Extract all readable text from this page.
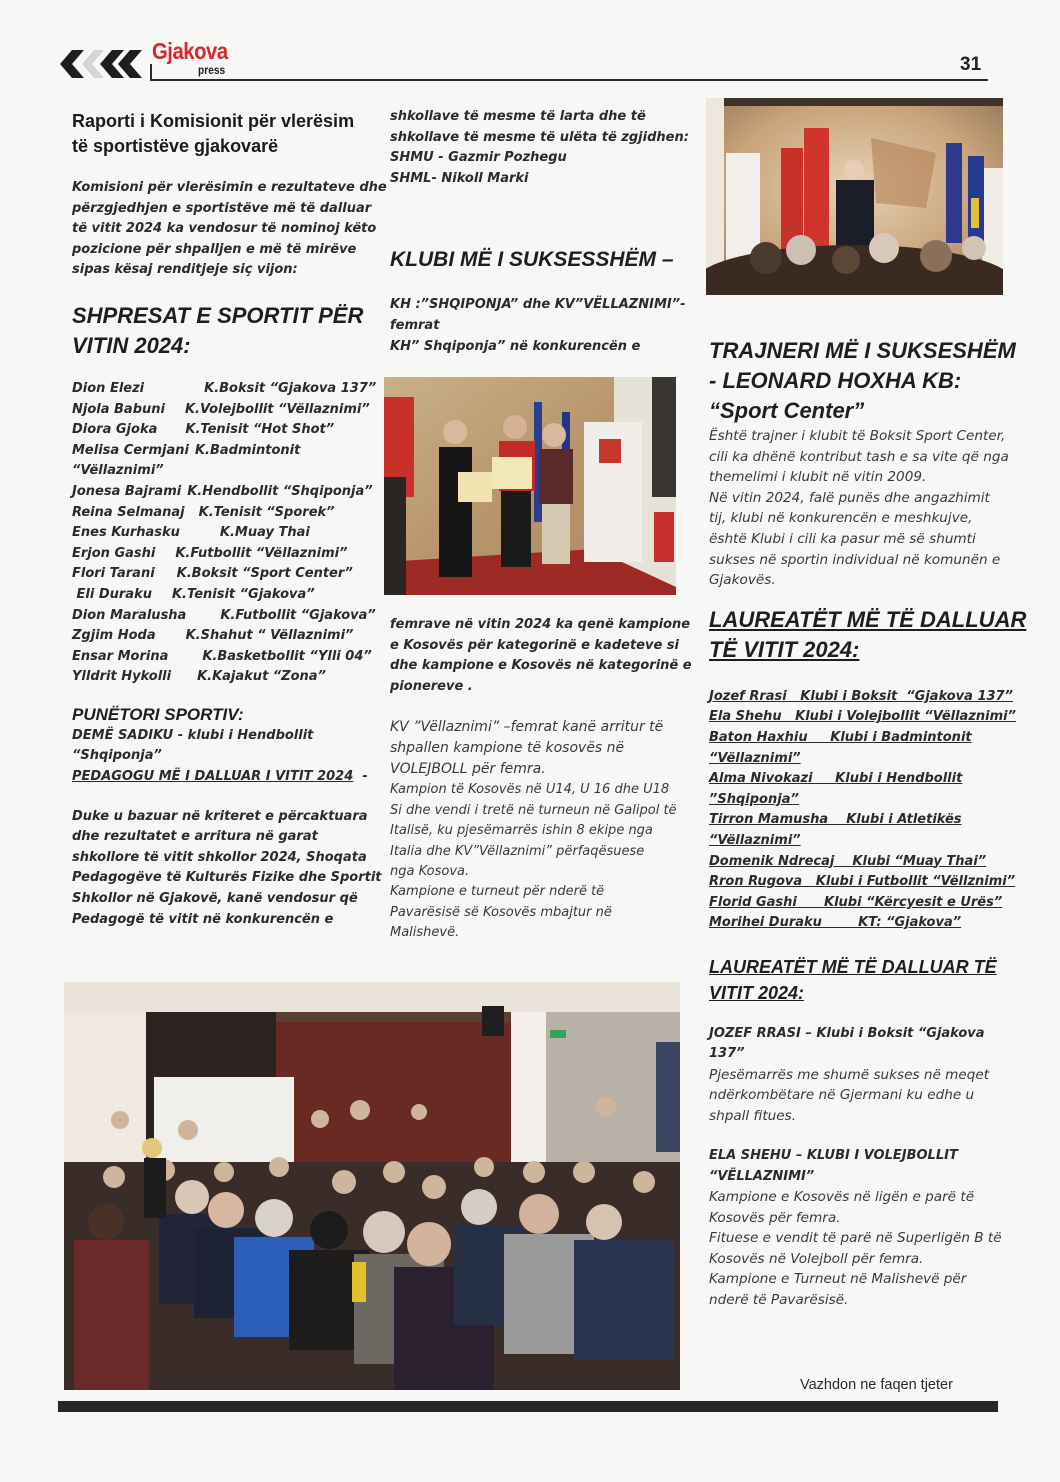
Gjakova
press	31
Raporti i Komisionit për vlerësim
të sportistëve gjakovarë
Komisioni për vlerësimin e rezultateve dhe
përzgjedhjen e sportistëve më të dalluar
të vitit 2024 ka vendosur të nominoj këto
pozicione për shpalljen e më të mirëve
sipas kësaj renditjeje siç vijon:
SHPRESAT E SPORTIT PËR
VITIN 2024:
Dion Elezi	K.Boksit “Gjakova 137”
Njola Babuni K.Volejbollit “Vëllaznimi”
Diora Gjoka K.Tenisit “Hot Shot”
Melisa Cermjani K.Badmintonit
“Vëllaznimi”
Jonesa Bajrami K.Hendbollit “Shqiponja”
Reina Selmanaj K.Tenisit “Sporek”
Enes Kurhasku	K.Muay Thai
Erjon Gashi K.Futbollit “Vëllaznimi”
Flori Tarani K.Boksit “Sport Center”
Eli Duraku K.Tenisit “Gjakova”
Dion Maralusha	K.Futbollit “Gjakova”
Zgjim Hoda K.Shahut “ Vëllaznimi”
Ensar Morina	K.Basketbollit “Ylli 04”
Ylldrit Hykolli K.Kajakut “Zona”
PUNËTORI SPORTIV:
DEMË SADIKU - klubi i Hendbollit
“Shqiponja”
PEDAGOGU MË I DALLUAR I VITIT 2024  -
Duke u bazuar në kriteret e përcaktuara
dhe rezultatet e arritura në garat
shkollore të vitit shkollor 2024, Shoqata
Pedagogëve të Kulturës Fizike dhe Sportit
Shkollor në Gjakovë, kanë vendosur që
Pedagogë të vitit në konkurencën e
shkollave të mesme të larta dhe të
shkollave të mesme të ulëta të zgjidhen:
SHMU - Gazmir Pozhegu
SHML- Nikoll Marki
KLUBI MË I SUKSESSHËM –
KH :”SHQIPONJA” dhe KV”VËLLAZNIMI”-
femrat
KH” Shqiponja” në konkurencën e
femrave në vitin 2024 ka qenë kampione
e Kosovës për kategorinë e kadeteve si
dhe kampione e Kosovës në kategorinë e
pionereve .
KV ”Vëllaznimi” –femrat kanë arritur të
shpallen kampione të kosovës në
VOLEJBOLL për femra.
Kampion të Kosovës në U14, U 16 dhe U18
Si dhe vendi i tretë në turneun në Galipol të
Italisë, ku pjesëmarrës ishin 8 ekipe nga
Italia dhe KV”Vëllaznimi” përfaqësuese
nga Kosova.
Kampione e turneut për nderë të
Pavarësisë së Kosovës mbajtur në
Malishevë.
TRAJNERI MË I SUKSESHËM
- LEONARD HOXHA KB:
“Sport Center”
Është trajner i klubit të Boksit Sport Center,
cili ka dhënë kontribut tash e sa vite që nga
themelimi i klubit në vitin 2009.
Në vitin 2024, falë punës dhe angazhimit
tij, klubi në konkurencën e meshkujve,
është Klubi i cili ka pasur më së shumti
sukses në sportin individual në komunën e
Gjakovës.
LAUREATËT MË TË DALLUAR
TË VITIT 2024:
Jozef Rrasi   Klubi i Boksit  “Gjakova 137”
Ela Shehu   Klubi i Volejbollit “Vëllaznimi”
Baton Haxhiu     Klubi i Badmintonit
“Vëllaznimi”
Alma Nivokazi     Klubi i Hendbollit
”Shqiponja”
Tirron Mamusha    Klubi i Atletikës
“Vëllaznimi”
Domenik Ndrecaj    Klubi “Muay Thai”
Rron Rugova   Klubi i Futbollit “Vëllznimi”
Florid Gashi      Klubi “Kërcyesit e Urës”
Morihei Duraku        KT: “Gjakova”
LAUREATËT MË TË DALLUAR TË
VITIT 2024:
JOZEF RRASI – Klubi i Boksit “Gjakova
137”
Pjesëmarrës me shumë sukses në meqet
ndërkombëtare në Gjermani ku edhe u
shpall fitues.
ELA SHEHU – KLUBI I VOLEJBOLLIT
“VËLLAZNIMI”
Kampione e Kosovës në ligën e parë të
Kosovës për femra.
Fituese e vendit të parë në Superligën B të
Kosovës në Volejboll për femra.
Kampione e Turneut në Malishevë për
nderë të Pavarësisë.
Vazhdon ne faqen tjeter
